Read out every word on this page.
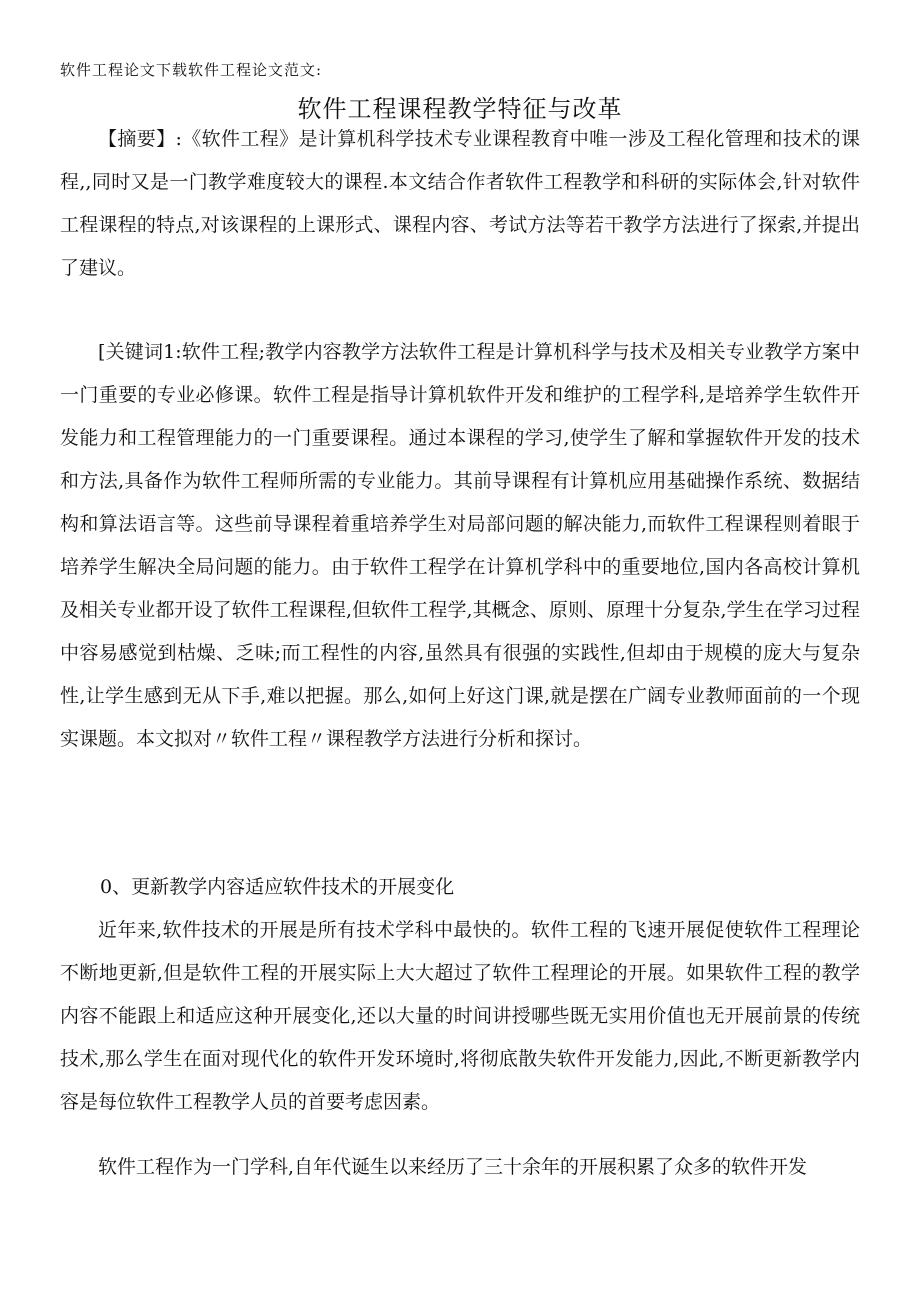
软件工程论文下载软件工程论文范文:
软件工程课程教学特征与改革

【摘要】:《软件工程》是计算机科学技术专业课程教育中唯一涉及工程化管理和技术的课程,,同时又是一门教学难度较大的课程.本文结合作者软件工程教学和科研的实际体会,针对软件工程课程的特点,对该课程的上课形式、课程内容、考试方法等若干教学方法进行了探索,并提出了建议。

[关键词1:软件工程;教学内容教学方法软件工程是计算机科学与技术及相关专业教学方案中一门重要的专业必修课。软件工程是指导计算机软件开发和维护的工程学科,是培养学生软件开发能力和工程管理能力的一门重要课程。通过本课程的学习,使学生了解和掌握软件开发的技术和方法,具备作为软件工程师所需的专业能力。其前导课程有计算机应用基础操作系统、数据结构和算法语言等。这些前导课程着重培养学生对局部问题的解决能力,而软件工程课程则着眼于培养学生解决全局问题的能力。由于软件工程学在计算机学科中的重要地位,国内各高校计算机及相关专业都开设了软件工程课程,但软件工程学,其概念、原则、原理十分复杂,学生在学习过程中容易感觉到枯燥、乏味;而工程性的内容,虽然具有很强的实践性,但却由于规模的庞大与复杂性,让学生感到无从下手,难以把握。那么,如何上好这门课,就是摆在广阔专业教师面前的一个现实课题。本文拟对〃软件工程〃课程教学方法进行分析和探讨。

0、更新教学内容适应软件技术的开展变化

近年来,软件技术的开展是所有技术学科中最快的。软件工程的飞速开展促使软件工程理论不断地更新,但是软件工程的开展实际上大大超过了软件工程理论的开展。如果软件工程的教学内容不能跟上和适应这种开展变化,还以大量的时间讲授哪些既无实用价值也无开展前景的传统技术,那么学生在面对现代化的软件开发环境时,将彻底散失软件开发能力,因此,不断更新教学内容是每位软件工程教学人员的首要考虑因素。

软件工程作为一门学科,自年代诞生以来经历了三十余年的开展积累了众多的软件开发
